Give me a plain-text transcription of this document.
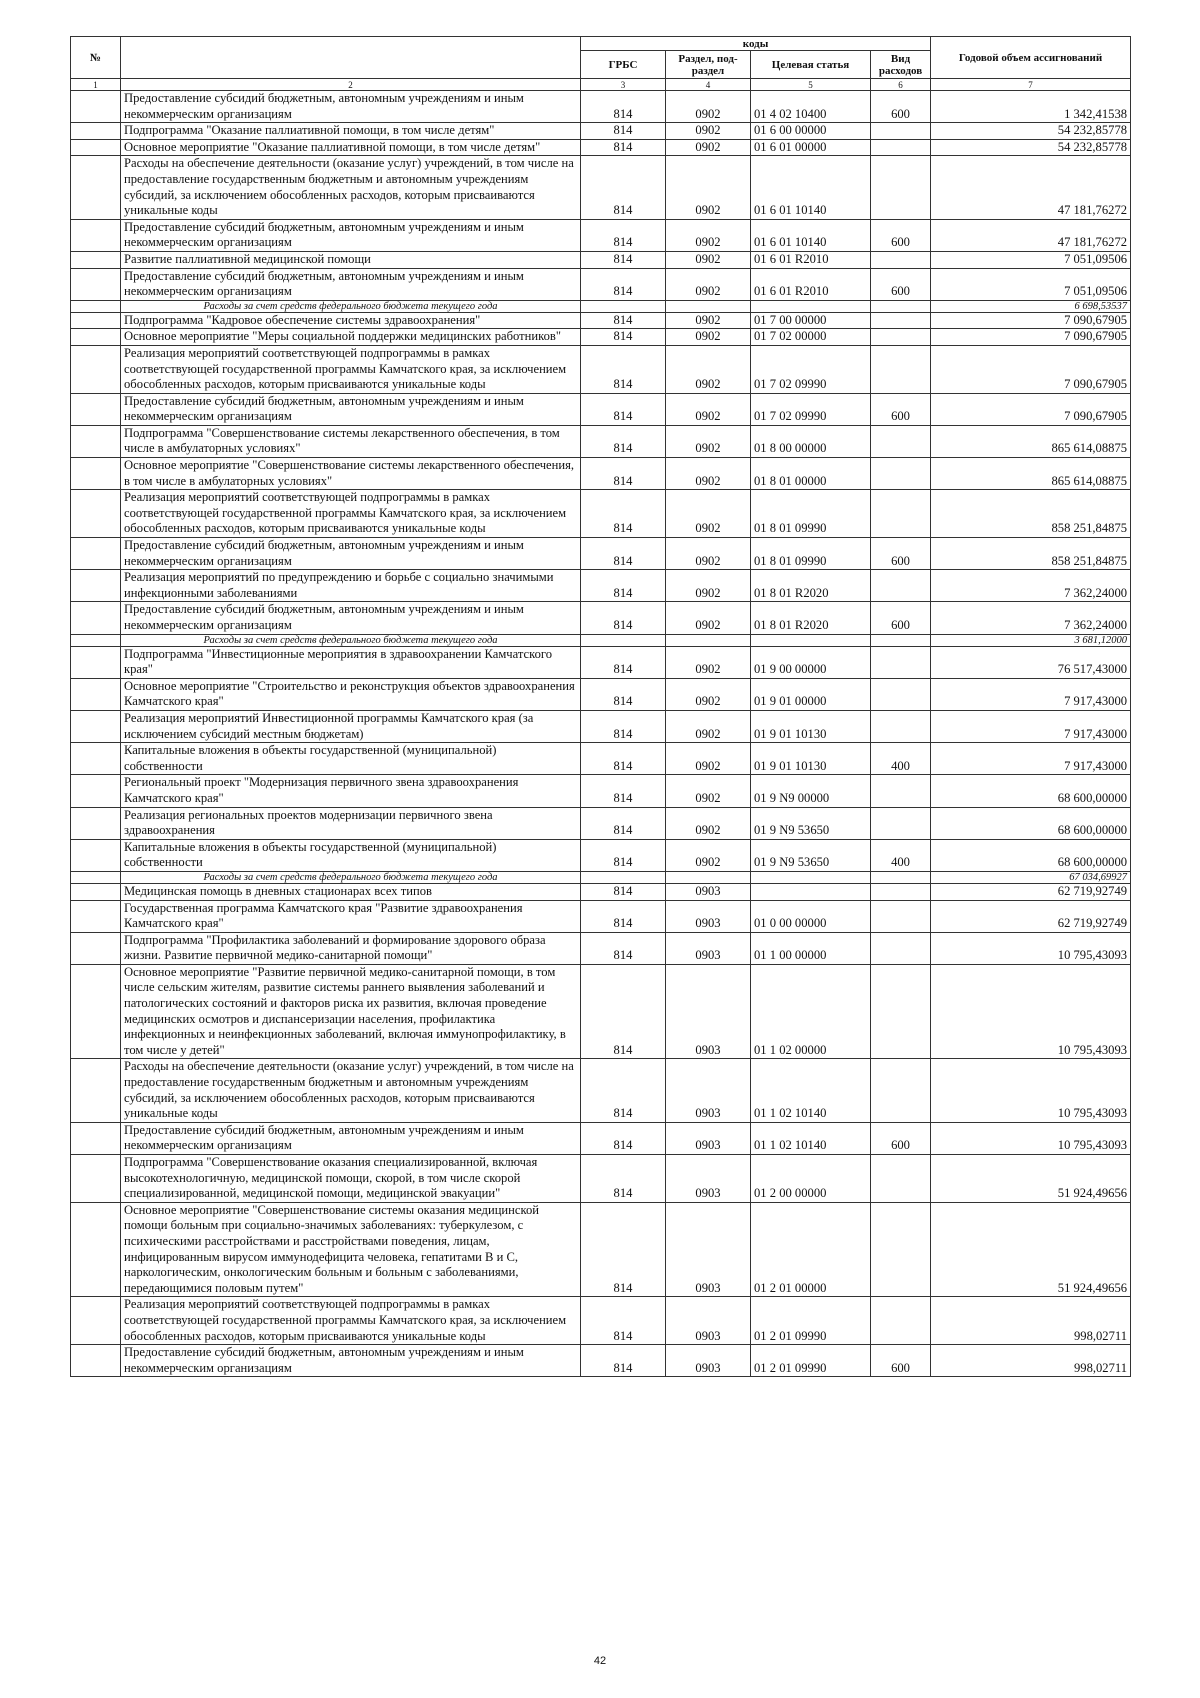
№		коды				Годовой объем ассигнований
		ГРБС	Раздел, под-раздел	Целевая статья	Вид расходов	
1	2	3	4	5	6	7
	Предоставление субсидий бюджетным, автономным учреждениям и иным некоммерческим организациям	814	0902	01 4 02 10400	600	1 342,41538
	Подпрограмма "Оказание паллиативной помощи, в том числе детям"	814	0902	01 6 00 00000		54 232,85778
	Основное мероприятие "Оказание паллиативной помощи, в том числе детям"	814	0902	01 6 01 00000		54 232,85778
	Расходы на обеспечение деятельности (оказание услуг) учреждений, в том числе на предоставление государственным бюджетным и автономным учреждениям субсидий, за исключением обособленных расходов, которым присваиваются уникальные коды	814	0902	01 6 01 10140		47 181,76272
	Предоставление субсидий бюджетным, автономным учреждениям и иным некоммерческим организациям	814	0902	01 6 01 10140	600	47 181,76272
	Развитие паллиативной медицинской помощи	814	0902	01 6 01 R2010		7 051,09506
	Предоставление субсидий бюджетным, автономным учреждениям и иным некоммерческим организациям	814	0902	01 6 01 R2010	600	7 051,09506
	Расходы за счет средств федерального бюджета текущего года					6 698,53537
	Подпрограмма "Кадровое обеспечение системы здравоохранения"	814	0902	01 7 00 00000		7 090,67905
	Основное мероприятие "Меры социальной поддержки медицинских работников"	814	0902	01 7 02 00000		7 090,67905
	Реализация мероприятий соответствующей подпрограммы в рамках соответствующей государственной программы Камчатского края, за исключением обособленных расходов, которым присваиваются уникальные коды	814	0902	01 7 02 09990		7 090,67905
	Предоставление субсидий бюджетным, автономным учреждениям и иным некоммерческим организациям	814	0902	01 7 02 09990	600	7 090,67905
	Подпрограмма "Совершенствование системы лекарственного обеспечения, в том числе в амбулаторных условиях"	814	0902	01 8 00 00000		865 614,08875
	Основное мероприятие "Совершенствование системы лекарственного обеспечения, в том числе в амбулаторных условиях"	814	0902	01 8 01 00000		865 614,08875
	Реализация мероприятий соответствующей подпрограммы в рамках соответствующей государственной программы Камчатского края, за исключением обособленных расходов, которым присваиваются уникальные коды	814	0902	01 8 01 09990		858 251,84875
	Предоставление субсидий бюджетным, автономным учреждениям и иным некоммерческим организациям	814	0902	01 8 01 09990	600	858 251,84875
	Реализация мероприятий по предупреждению и борьбе с социально значимыми инфекционными заболеваниями	814	0902	01 8 01 R2020		7 362,24000
	Предоставление субсидий бюджетным, автономным учреждениям и иным некоммерческим организациям	814	0902	01 8 01 R2020	600	7 362,24000
	Расходы за счет средств федерального бюджета текущего года					3 681,12000
	Подпрограмма "Инвестиционные мероприятия в здравоохранении Камчатского края"	814	0902	01 9 00 00000		76 517,43000
	Основное мероприятие "Строительство и реконструкция объектов здравоохранения Камчатского края"	814	0902	01 9 01 00000		7 917,43000
	Реализация мероприятий Инвестиционной программы Камчатского края (за исключением субсидий местным бюджетам)	814	0902	01 9 01 10130		7 917,43000
	Капитальные вложения в объекты государственной (муниципальной) собственности	814	0902	01 9 01 10130	400	7 917,43000
	Региональный проект "Модернизация первичного звена здравоохранения Камчатского края"	814	0902	01 9 N9 00000		68 600,00000
	Реализация региональных проектов модернизации первичного звена здравоохранения	814	0902	01 9 N9 53650		68 600,00000
	Капитальные вложения в объекты государственной (муниципальной) собственности	814	0902	01 9 N9 53650	400	68 600,00000
	Расходы за счет средств федерального бюджета текущего года					67 034,69927
	Медицинская помощь в дневных стационарах всех типов	814	0903			62 719,92749
	Государственная программа Камчатского края "Развитие здравоохранения Камчатского края"	814	0903	01 0 00 00000		62 719,92749
	Подпрограмма "Профилактика заболеваний и формирование здорового образа жизни. Развитие первичной медико-санитарной помощи"	814	0903	01 1 00 00000		10 795,43093
	Основное мероприятие "Развитие первичной медико-санитарной помощи, в том числе сельским жителям, развитие системы раннего выявления заболеваний и патологических состояний и факторов риска их развития, включая проведение медицинских осмотров и диспансеризации населения, профилактика инфекционных и неинфекционных заболеваний, включая иммунопрофилактику, в том числе у детей"	814	0903	01 1 02 00000		10 795,43093
	Расходы на обеспечение деятельности (оказание услуг) учреждений, в том числе на предоставление государственным бюджетным и автономным учреждениям субсидий, за исключением обособленных расходов, которым присваиваются уникальные коды	814	0903	01 1 02 10140		10 795,43093
	Предоставление субсидий бюджетным, автономным учреждениям и иным некоммерческим организациям	814	0903	01 1 02 10140	600	10 795,43093
	Подпрограмма "Совершенствование оказания специализированной, включая высокотехнологичную, медицинской помощи, скорой, в том числе скорой специализированной, медицинской помощи, медицинской эвакуации"	814	0903	01 2 00 00000		51 924,49656
	Основное мероприятие "Совершенствование системы оказания медицинской помощи больным при социально-значимых заболеваниях: туберкулезом, с психическими расстройствами и расстройствами поведения, лицам, инфицированным вирусом иммунодефицита человека, гепатитами B и C, наркологическим, онкологическим больным и больным с заболеваниями, передающимися половым путем"	814	0903	01 2 01 00000		51 924,49656
	Реализация мероприятий соответствующей подпрограммы в рамках соответствующей государственной программы Камчатского края, за исключением обособленных расходов, которым присваиваются уникальные коды	814	0903	01 2 01 09990		998,02711
	Предоставление субсидий бюджетным, автономным учреждениям и иным некоммерческим организациям	814	0903	01 2 01 09990	600	998,02711
42
